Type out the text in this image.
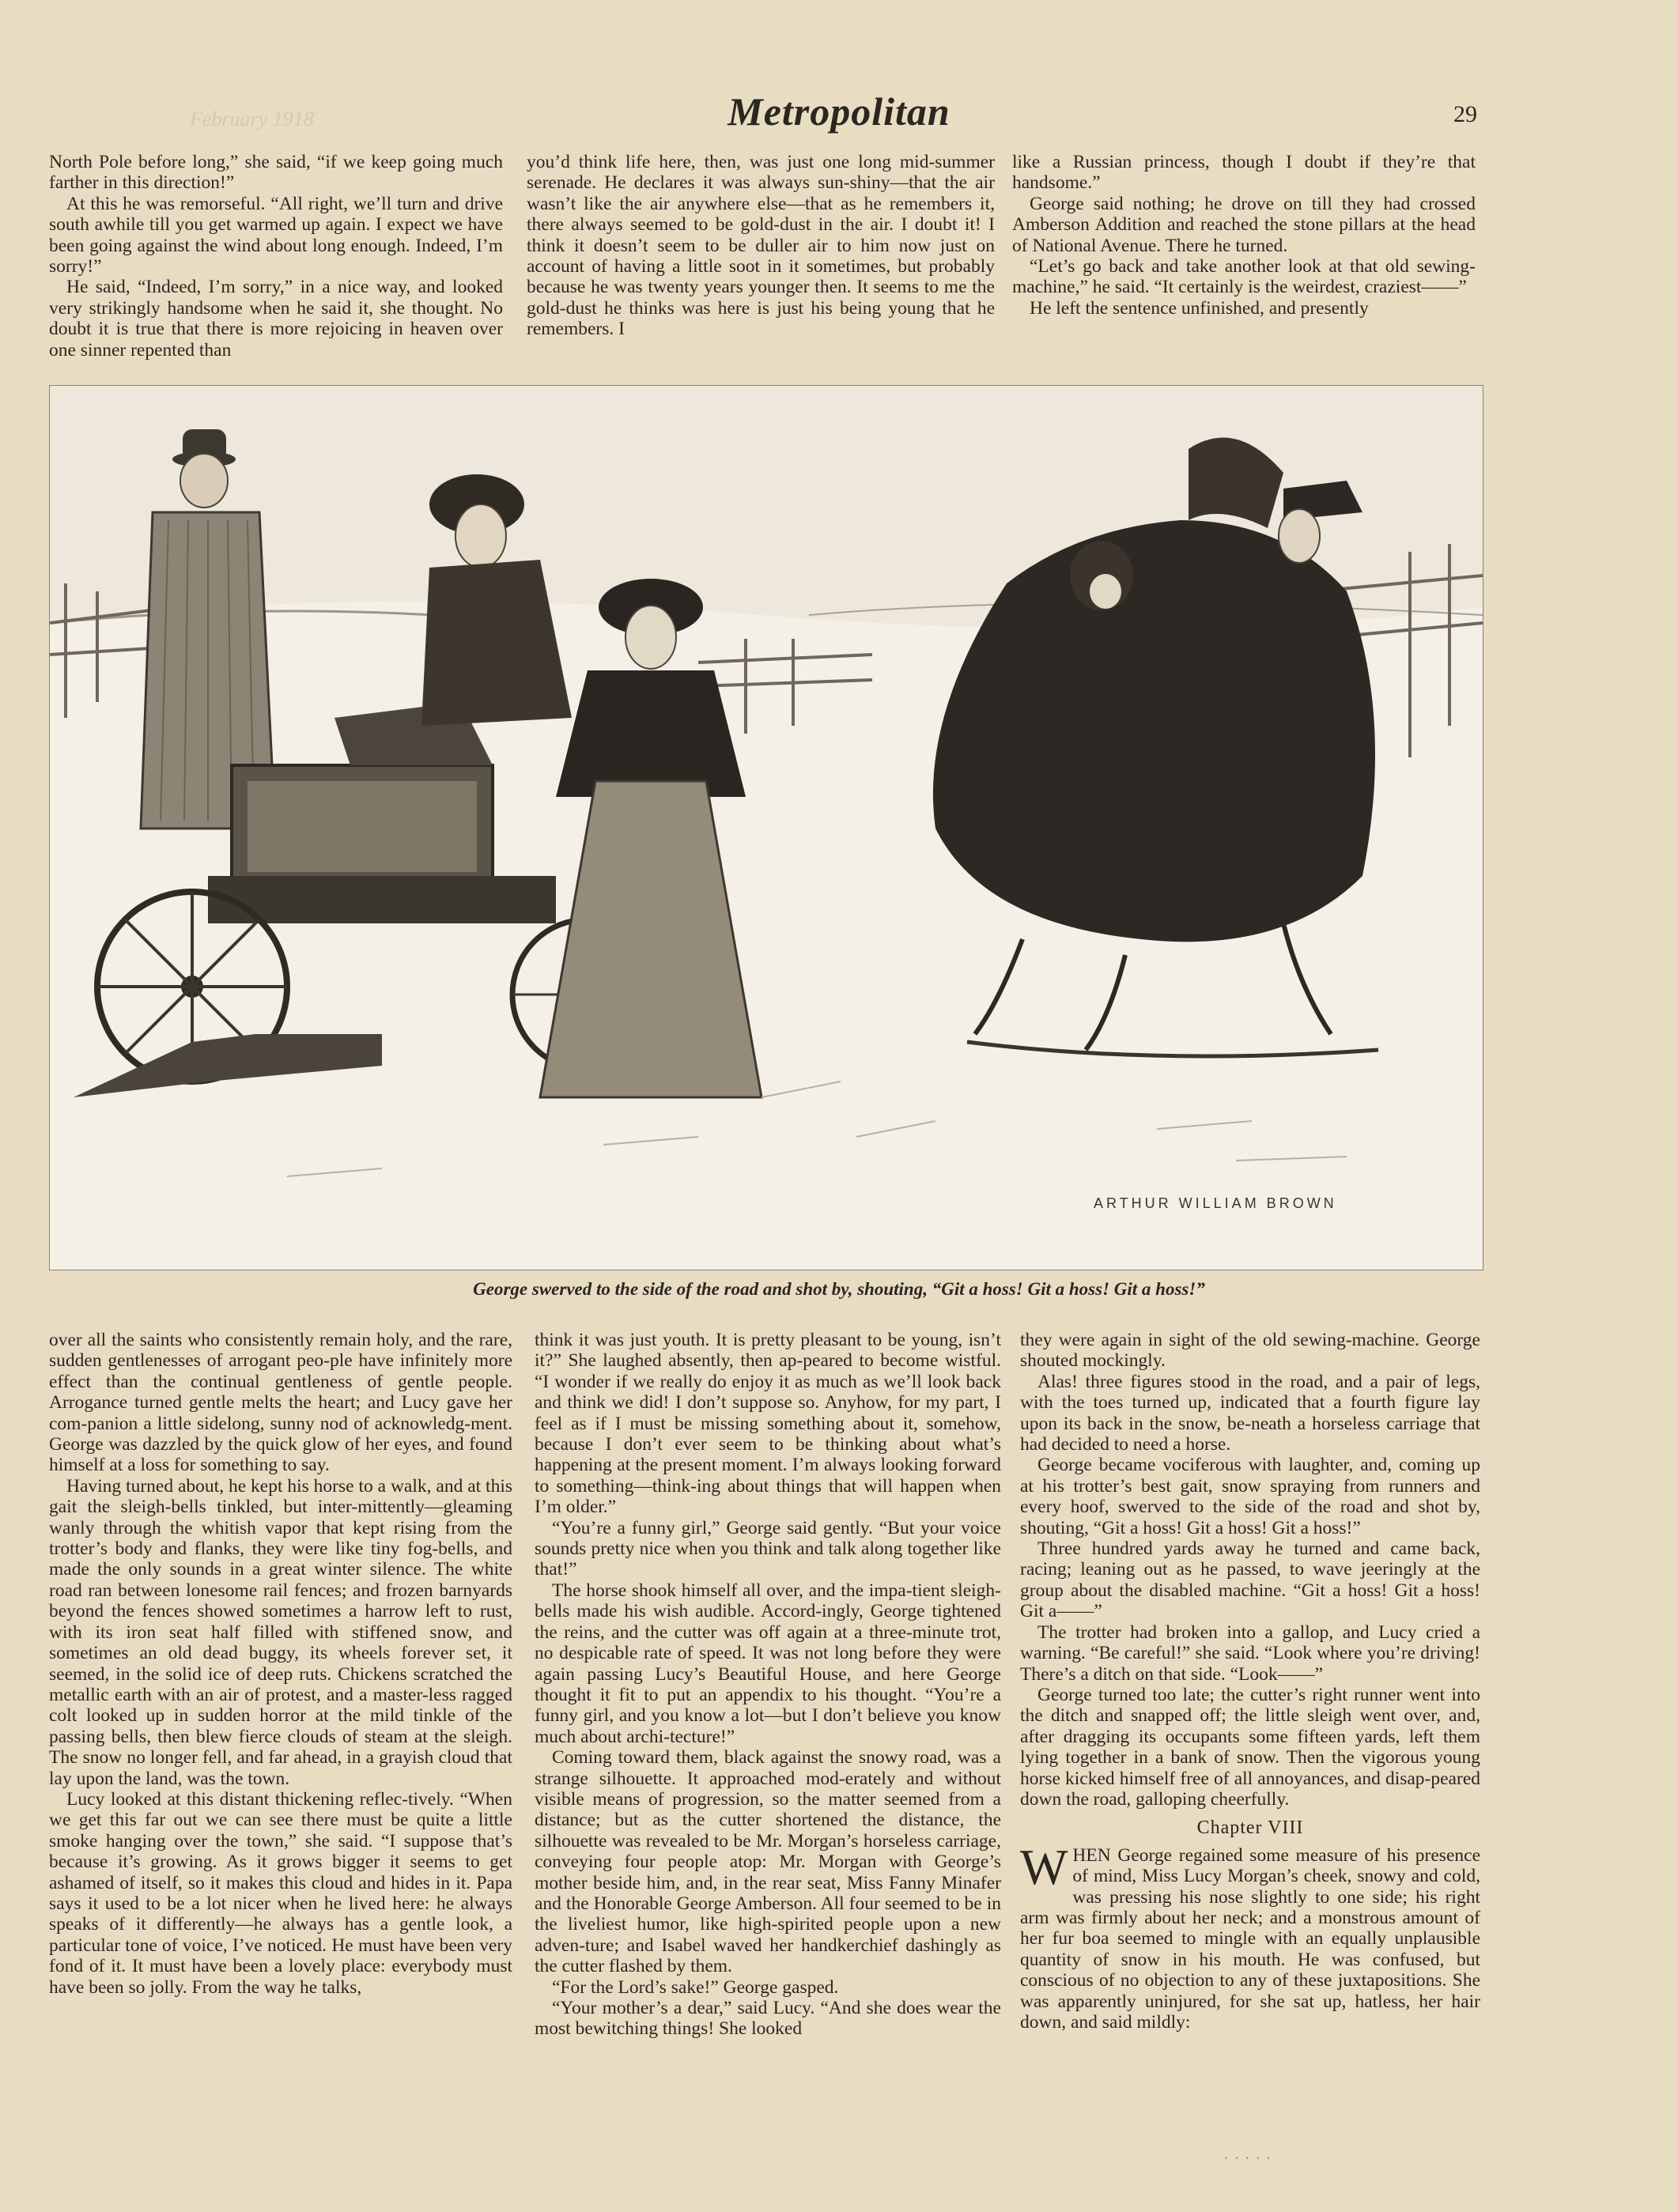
February 1918	Metropolitan	29

North Pole before long,” she said, “if we keep going much farther in this direction!”

At this he was remorseful. “All right, we’ll turn and drive south awhile till you get warmed up again. I expect we have been going against the wind about long enough. Indeed, I’m sorry!”

He said, “Indeed, I’m sorry,” in a nice way, and looked very strikingly handsome when he said it, she thought. No doubt it is true that there is more rejoicing in heaven over one sinner repented than

you’d think life here, then, was just one long mid-summer serenade. He declares it was always sun-shiny—that the air wasn’t like the air anywhere else—that as he remembers it, there always seemed to be gold-dust in the air. I doubt it! I think it doesn’t seem to be duller air to him now just on account of having a little soot in it sometimes, but probably because he was twenty years younger then. It seems to me the gold-dust he thinks was here is just his being young that he remembers. I

like a Russian princess, though I doubt if they’re that handsome.”

George said nothing; he drove on till they had crossed Amberson Addition and reached the stone pillars at the head of National Avenue. There he turned.

“Let’s go back and take another look at that old sewing-machine,” he said. “It certainly is the weirdest, craziest——”

He left the sentence unfinished, and presently

ARTHUR WILLIAM BROWN
George swerved to the side of the road and shot by, shouting, “Git a hoss! Git a hoss! Git a hoss!”

over all the saints who consistently remain holy, and the rare, sudden gentlenesses of arrogant peo-ple have infinitely more effect than the continual gentleness of gentle people. Arrogance turned gentle melts the heart; and Lucy gave her com-panion a little sidelong, sunny nod of acknowledg-ment. George was dazzled by the quick glow of her eyes, and found himself at a loss for something to say.

Having turned about, he kept his horse to a walk, and at this gait the sleigh-bells tinkled, but inter-mittently—gleaming wanly through the whitish vapor that kept rising from the trotter’s body and flanks, they were like tiny fog-bells, and made the only sounds in a great winter silence. The white road ran between lonesome rail fences; and frozen barnyards beyond the fences showed sometimes a harrow left to rust, with its iron seat half filled with stiffened snow, and sometimes an old dead buggy, its wheels forever set, it seemed, in the solid ice of deep ruts. Chickens scratched the metallic earth with an air of protest, and a master-less ragged colt looked up in sudden horror at the mild tinkle of the passing bells, then blew fierce clouds of steam at the sleigh. The snow no longer fell, and far ahead, in a grayish cloud that lay upon the land, was the town.

Lucy looked at this distant thickening reflec-tively. “When we get this far out we can see there must be quite a little smoke hanging over the town,” she said. “I suppose that’s because it’s growing. As it grows bigger it seems to get ashamed of itself, so it makes this cloud and hides in it. Papa says it used to be a lot nicer when he lived here: he always speaks of it differently—he always has a gentle look, a particular tone of voice, I’ve noticed. He must have been very fond of it. It must have been a lovely place: everybody must have been so jolly. From the way he talks,

think it was just youth. It is pretty pleasant to be young, isn’t it?” She laughed absently, then ap-peared to become wistful. “I wonder if we really do enjoy it as much as we’ll look back and think we did! I don’t suppose so. Anyhow, for my part, I feel as if I must be missing something about it, somehow, because I don’t ever seem to be thinking about what’s happening at the present moment. I’m always looking forward to something—think-ing about things that will happen when I’m older.”

“You’re a funny girl,” George said gently. “But your voice sounds pretty nice when you think and talk along together like that!”

The horse shook himself all over, and the impa-tient sleigh-bells made his wish audible. Accord-ingly, George tightened the reins, and the cutter was off again at a three-minute trot, no despicable rate of speed. It was not long before they were again passing Lucy’s Beautiful House, and here George thought it fit to put an appendix to his thought. “You’re a funny girl, and you know a lot—but I don’t believe you know much about archi-tecture!”

Coming toward them, black against the snowy road, was a strange silhouette. It approached mod-erately and without visible means of progression, so the matter seemed from a distance; but as the cutter shortened the distance, the silhouette was revealed to be Mr. Morgan’s horseless carriage, conveying four people atop: Mr. Morgan with George’s mother beside him, and, in the rear seat, Miss Fanny Minafer and the Honorable George Amberson. All four seemed to be in the liveliest humor, like high-spirited people upon a new adven-ture; and Isabel waved her handkerchief dashingly as the cutter flashed by them.

“For the Lord’s sake!” George gasped.

“Your mother’s a dear,” said Lucy. “And she does wear the most bewitching things! She looked

they were again in sight of the old sewing-machine. George shouted mockingly.

Alas! three figures stood in the road, and a pair of legs, with the toes turned up, indicated that a fourth figure lay upon its back in the snow, be-neath a horseless carriage that had decided to need a horse.

George became vociferous with laughter, and, coming up at his trotter’s best gait, snow spraying from runners and every hoof, swerved to the side of the road and shot by, shouting, “Git a hoss! Git a hoss! Git a hoss!”

Three hundred yards away he turned and came back, racing; leaning out as he passed, to wave jeeringly at the group about the disabled machine. “Git a hoss! Git a hoss! Git a——”

The trotter had broken into a gallop, and Lucy cried a warning. “Be careful!” she said. “Look where you’re driving! There’s a ditch on that side. “Look——”

George turned too late; the cutter’s right runner went into the ditch and snapped off; the little sleigh went over, and, after dragging its occupants some fifteen yards, left them lying together in a bank of snow. Then the vigorous young horse kicked himself free of all annoyances, and disap-peared down the road, galloping cheerfully.

Chapter VIII

WHEN George regained some measure of his presence of mind, Miss Lucy Morgan’s cheek, snowy and cold, was pressing his nose slightly to one side; his right arm was firmly about her neck; and a monstrous amount of her fur boa seemed to mingle with an equally unplausible quantity of snow in his mouth. He was confused, but conscious of no objection to any of these juxtapositions. She was apparently uninjured, for she sat up, hatless, her hair down, and said mildly:

· · · · ·
